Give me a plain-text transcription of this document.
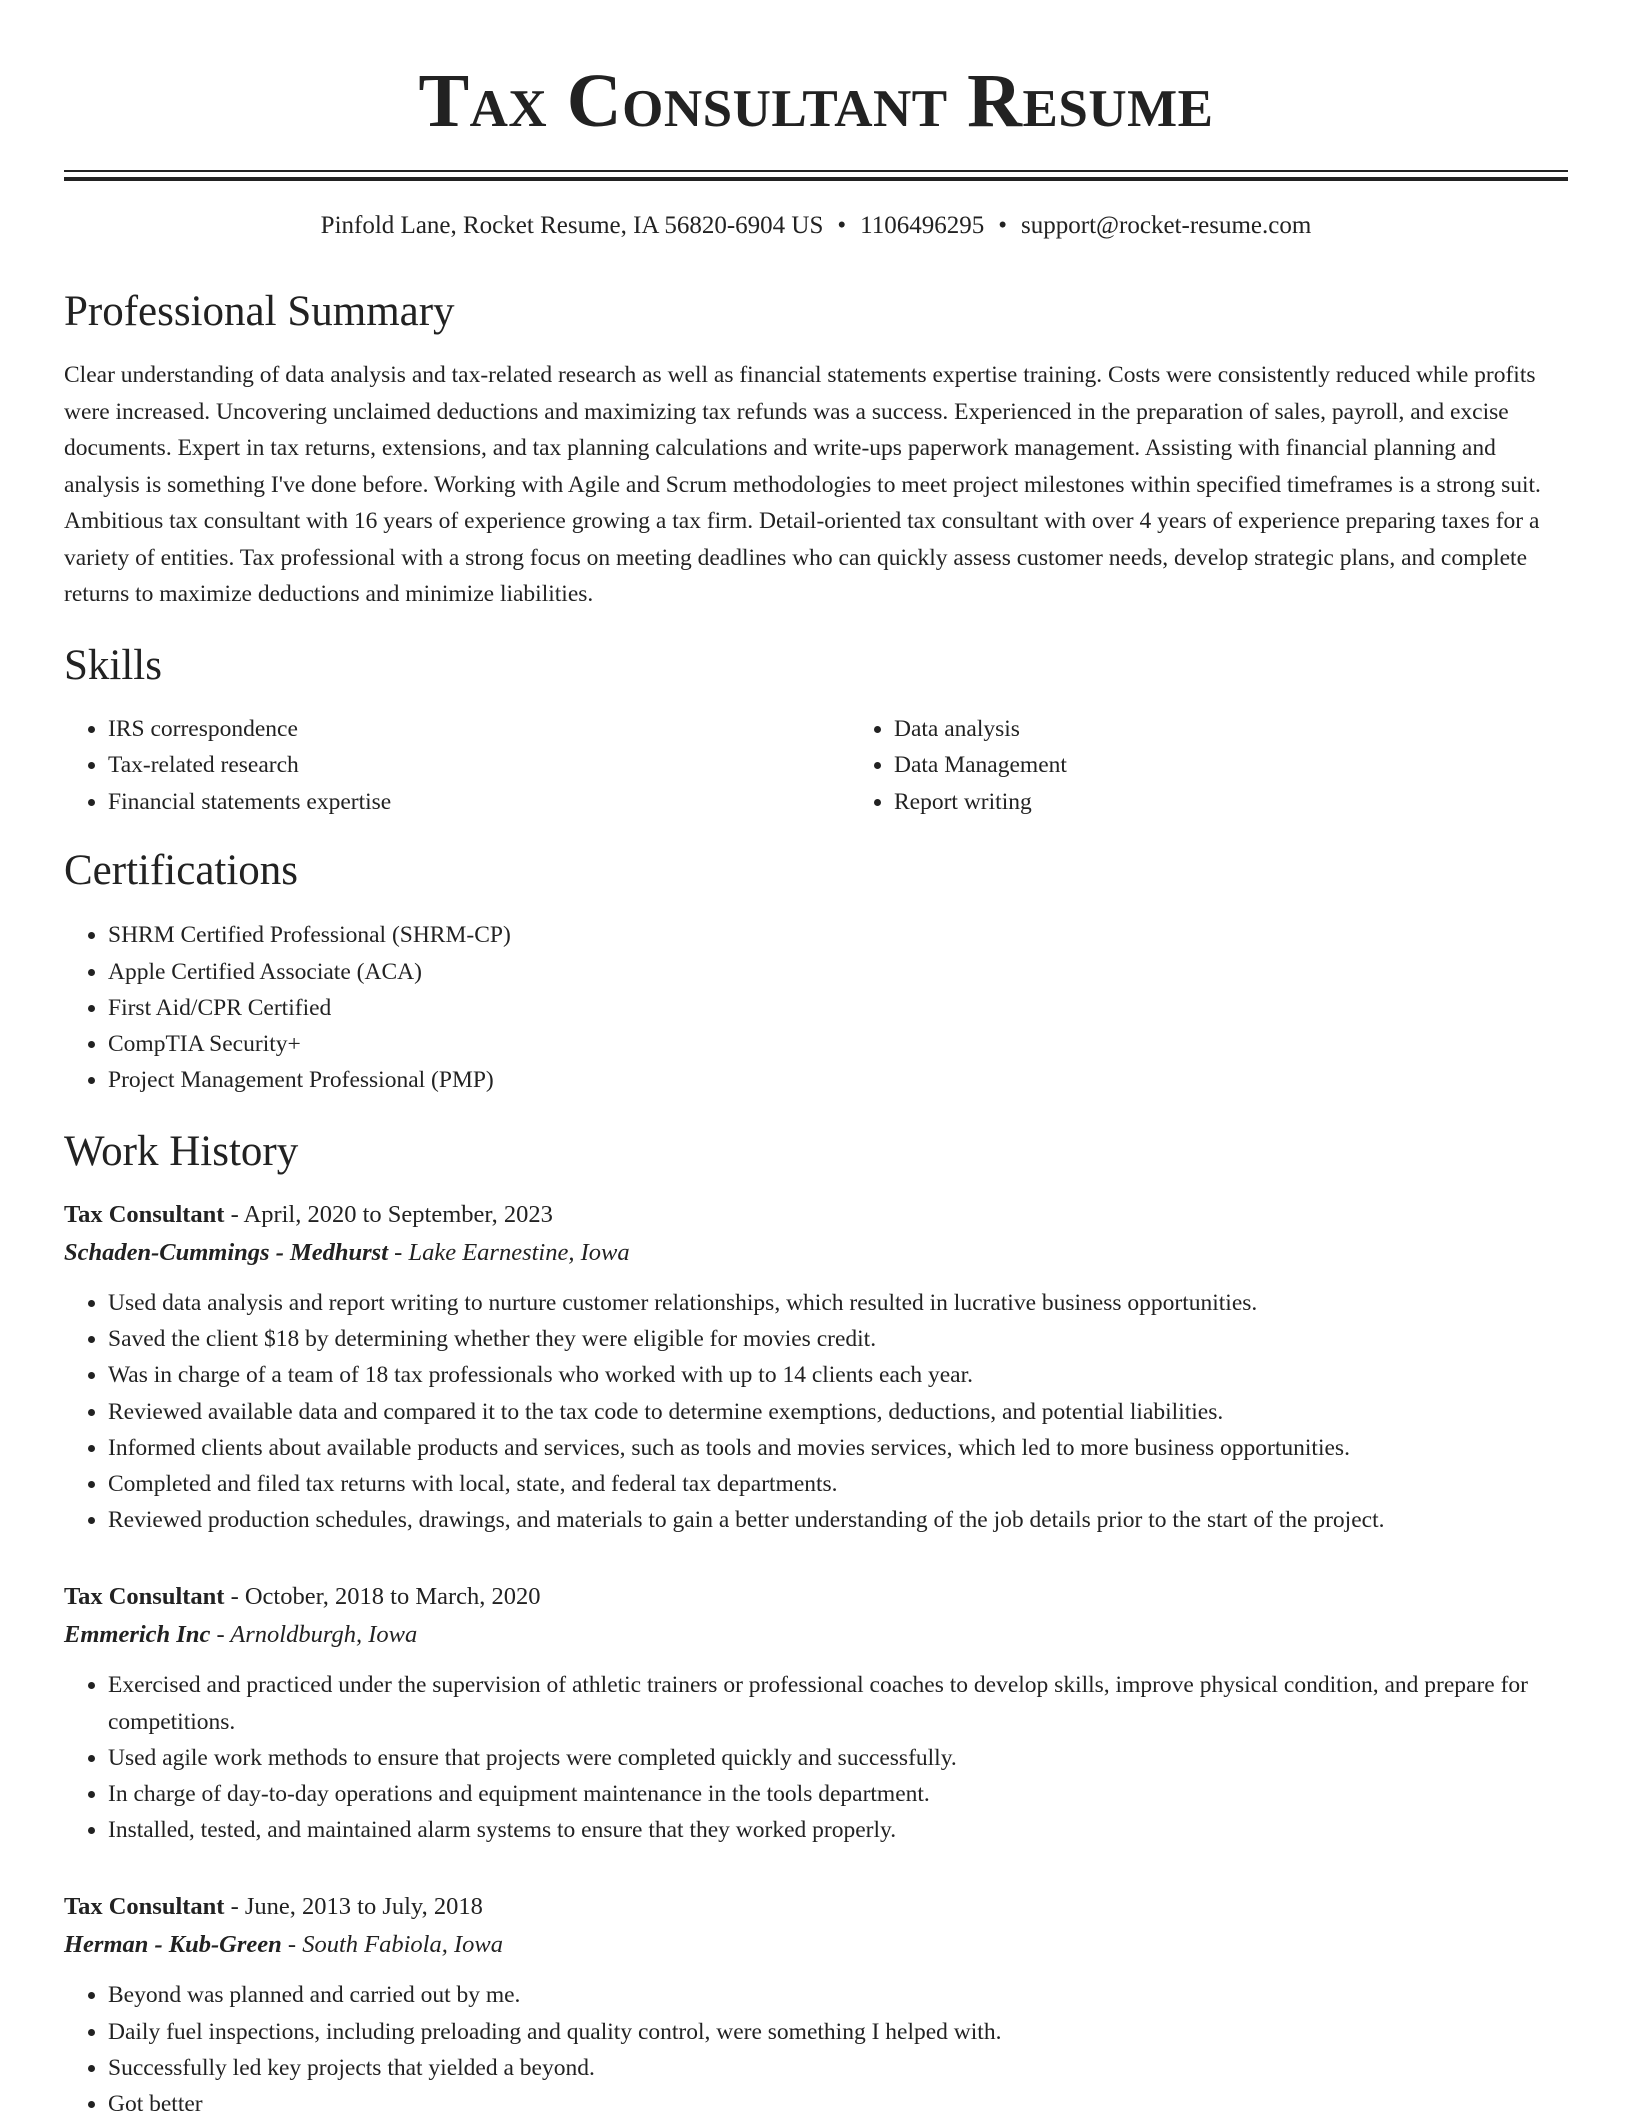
Tax Consultant Resume
Pinfold Lane, Rocket Resume, IA 56820-6904 US • 1106496295 • support@rocket-resume.com
Professional Summary
Clear understanding of data analysis and tax-related research as well as financial statements expertise training. Costs were consistently reduced while profits were increased. Uncovering unclaimed deductions and maximizing tax refunds was a success. Experienced in the preparation of sales, payroll, and excise documents. Expert in tax returns, extensions, and tax planning calculations and write-ups paperwork management. Assisting with financial planning and analysis is something I've done before. Working with Agile and Scrum methodologies to meet project milestones within specified timeframes is a strong suit. Ambitious tax consultant with 16 years of experience growing a tax firm. Detail-oriented tax consultant with over 4 years of experience preparing taxes for a variety of entities. Tax professional with a strong focus on meeting deadlines who can quickly assess customer needs, develop strategic plans, and complete returns to maximize deductions and minimize liabilities.
Skills
• IRS correspondence
• Tax-related research
• Financial statements expertise
• Data analysis
• Data Management
• Report writing
Certifications
• SHRM Certified Professional (SHRM-CP)
• Apple Certified Associate (ACA)
• First Aid/CPR Certified
• CompTIA Security+
• Project Management Professional (PMP)
Work History
Tax Consultant - April, 2020 to September, 2023
Schaden-Cummings - Medhurst - Lake Earnestine, Iowa
• Used data analysis and report writing to nurture customer relationships, which resulted in lucrative business opportunities.
• Saved the client $18 by determining whether they were eligible for movies credit.
• Was in charge of a team of 18 tax professionals who worked with up to 14 clients each year.
• Reviewed available data and compared it to the tax code to determine exemptions, deductions, and potential liabilities.
• Informed clients about available products and services, such as tools and movies services, which led to more business opportunities.
• Completed and filed tax returns with local, state, and federal tax departments.
• Reviewed production schedules, drawings, and materials to gain a better understanding of the job details prior to the start of the project.
Tax Consultant - October, 2018 to March, 2020
Emmerich Inc - Arnoldburgh, Iowa
• Exercised and practiced under the supervision of athletic trainers or professional coaches to develop skills, improve physical condition, and prepare for competitions.
• Used agile work methods to ensure that projects were completed quickly and successfully.
• In charge of day-to-day operations and equipment maintenance in the tools department.
• Installed, tested, and maintained alarm systems to ensure that they worked properly.
Tax Consultant - June, 2013 to July, 2018
Herman - Kub-Green - South Fabiola, Iowa
• Beyond was planned and carried out by me.
• Daily fuel inspections, including preloading and quality control, were something I helped with.
• Successfully led key projects that yielded a beyond.
• Got better
